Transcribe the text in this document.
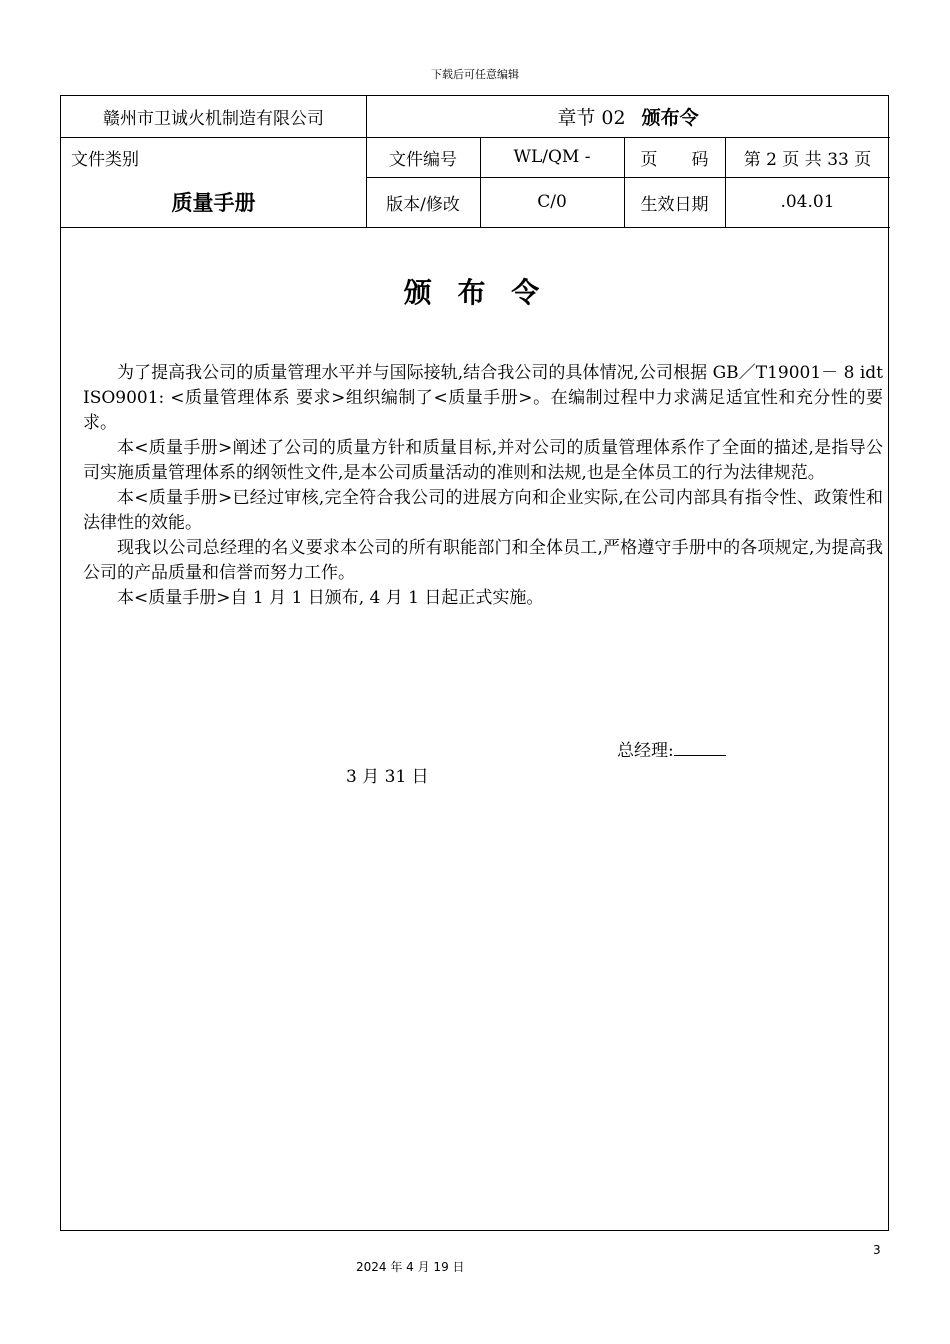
下载后可任意编辑
赣州市卫诚火机制造有限公司	章节 02 颁布令
文件类别	文件编号	WL/QM -	页　　码	第 2 页 共 33 页
质量手册	版本/修改	C/0	生效日期	.04.01
颁 布 令

为了提高我公司的质量管理水平并与国际接轨,结合我公司的具体情况,公司根据 GB／T19001－ 8 idt ISO9001: <质量管理体系 要求>组织编制了<质量手册>。在编制过程中力求满足适宜性和充分性的要求。

本<质量手册>阐述了公司的质量方针和质量目标,并对公司的质量管理体系作了全面的描述,是指导公司实施质量管理体系的纲领性文件,是本公司质量活动的准则和法规,也是全体员工的行为法律规范。

本<质量手册>已经过审核,完全符合我公司的进展方向和企业实际,在公司内部具有指令性、政策性和法律性的效能。

现我以公司总经理的名义要求本公司的所有职能部门和全体员工,严格遵守手册中的各项规定,为提高我公司的产品质量和信誉而努力工作。

本<质量手册>自 1 月 1 日颁布, 4 月 1 日起正式实施。

总经理:
3 月 31 日
3
2024 年 4 月 19 日
